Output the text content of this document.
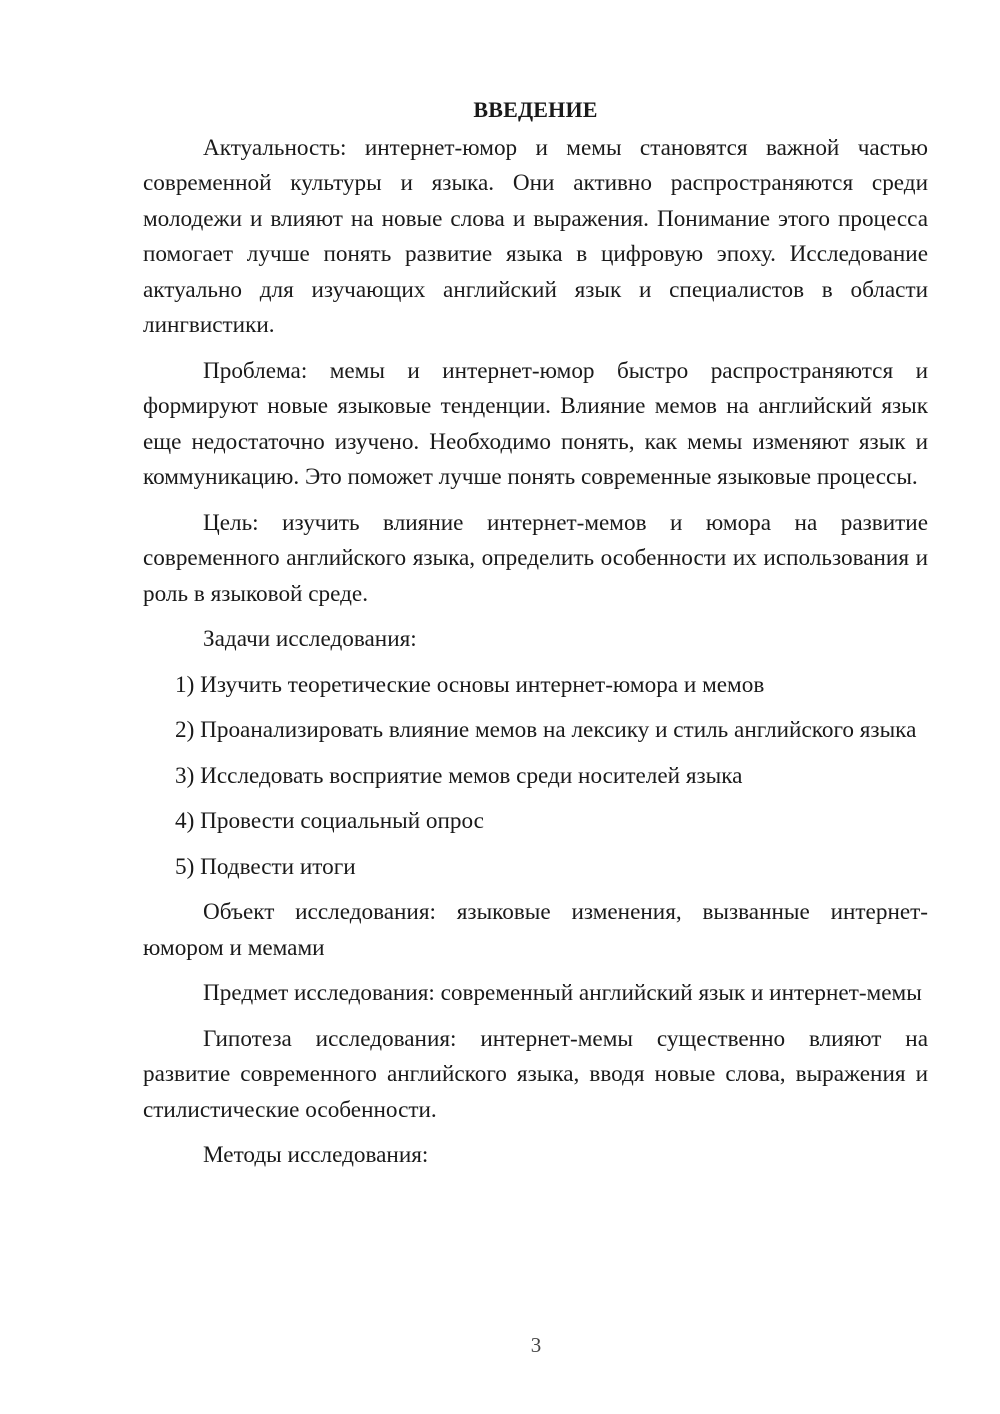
ВВЕДЕНИЕ

Актуальность: интернет-юмор и мемы становятся важной частью современной культуры и языка. Они активно распространяются среди молодежи и влияют на новые слова и выражения. Понимание этого процесса помогает лучше понять развитие языка в цифровую эпоху. Исследование актуально для изучающих английский язык и специалистов в области лингвистики.

Проблема: мемы и интернет-юмор быстро распространяются и формируют новые языковые тенденции. Влияние мемов на английский язык еще недостаточно изучено. Необходимо понять, как мемы изменяют язык и коммуникацию. Это поможет лучше понять современные языковые процессы.

Цель: изучить влияние интернет-мемов и юмора на развитие современного английского языка, определить особенности их использования и роль в языковой среде.

Задачи исследования:

1) Изучить теоретические основы интернет-юмора и мемов

2) Проанализировать влияние мемов на лексику и стиль английского языка

3) Исследовать восприятие мемов среди носителей языка

4) Провести социальный опрос

5) Подвести итоги

Объект исследования: языковые изменения, вызванные интернет-юмором и мемами

Предмет исследования: современный английский язык и интернет-мемы

Гипотеза исследования: интернет-мемы существенно влияют на развитие современного английского языка, вводя новые слова, выражения и стилистические особенности.

Методы исследования:

3
